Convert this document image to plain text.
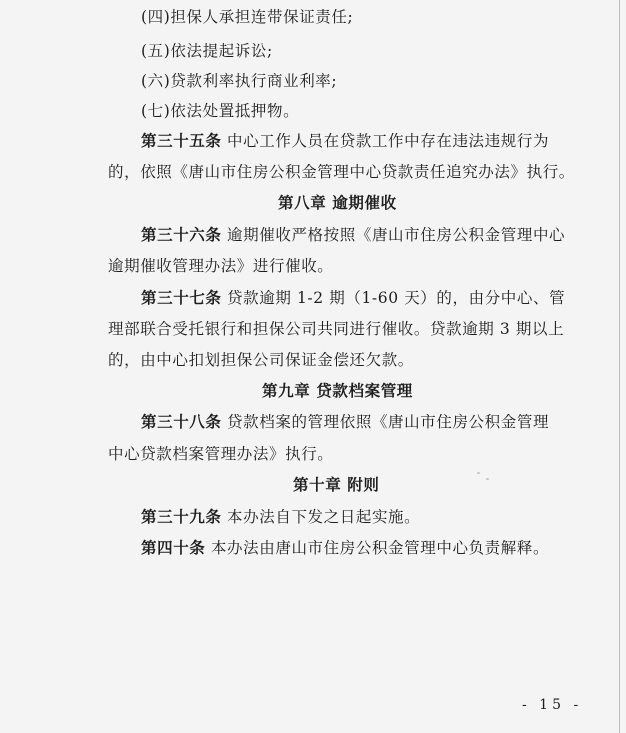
(四)担保人承担连带保证责任;
(五)依法提起诉讼;
(六)贷款利率执行商业利率;
(七)依法处置抵押物。
第三十五条 中心工作人员在贷款工作中存在违法违规行为
的，依照《唐山市住房公积金管理中心贷款责任追究办法》执行。
第八章 逾期催收
第三十六条 逾期催收严格按照《唐山市住房公积金管理中心
逾期催收管理办法》进行催收。
第三十七条 贷款逾期 1-2 期（1-60 天）的，由分中心、管
理部联合受托银行和担保公司共同进行催收。贷款逾期 3 期以上
的，由中心扣划担保公司保证金偿还欠款。
第九章 贷款档案管理
第三十八条 贷款档案的管理依照《唐山市住房公积金管理
中心贷款档案管理办法》执行。
第十章 附则
第三十九条 本办法自下发之日起实施。
第四十条 本办法由唐山市住房公积金管理中心负责解释。
- 15 -
